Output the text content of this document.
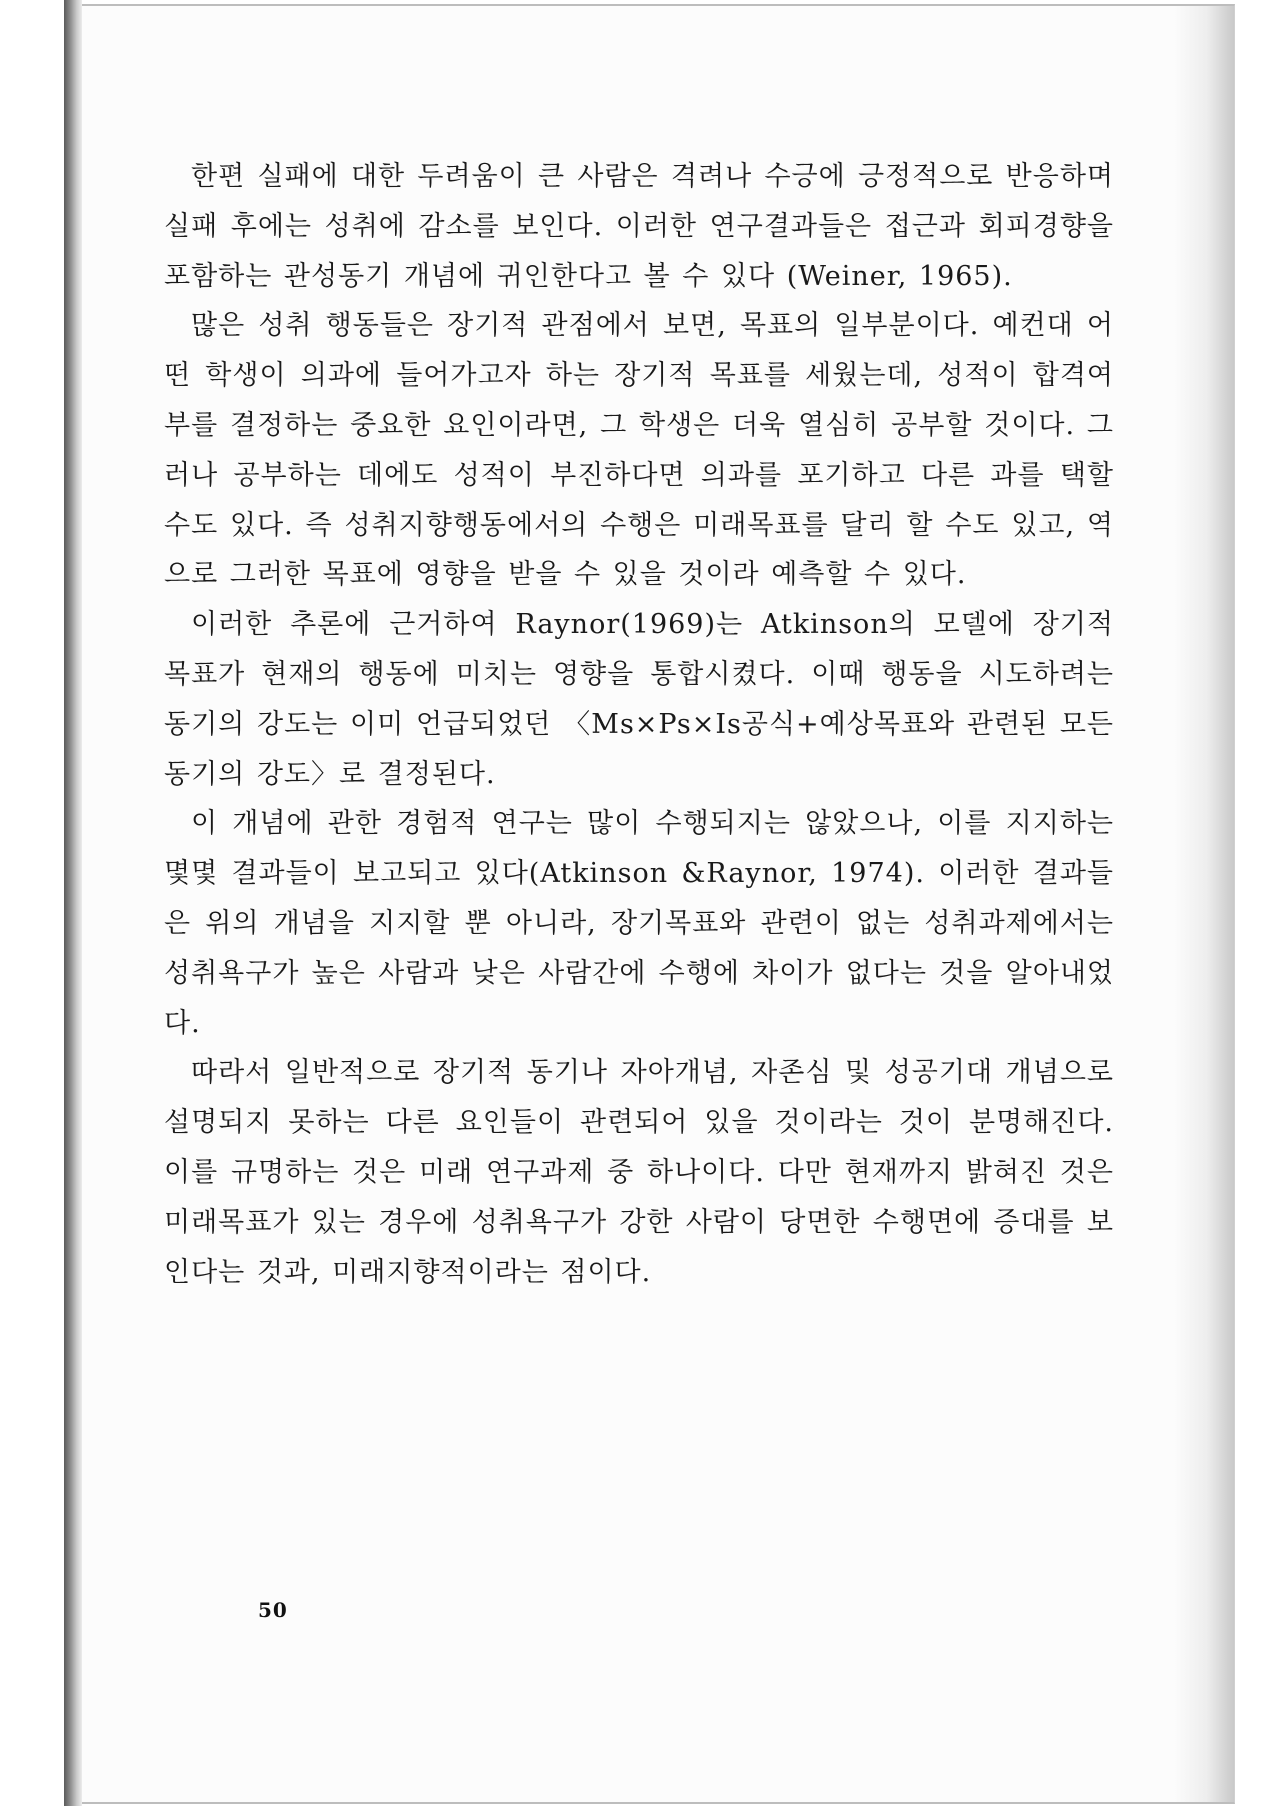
한편 실패에 대한 두려움이 큰 사람은 격려나 수긍에 긍정적으로 반응하며 실패 후에는 성취에 감소를 보인다. 이러한 연구결과들은 접근과 회피경향을 포함하는 관성동기 개념에 귀인한다고 볼 수 있다 (Weiner, 1965).

많은 성취 행동들은 장기적 관점에서 보면, 목표의 일부분이다. 예컨대 어떤 학생이 의과에 들어가고자 하는 장기적 목표를 세웠는데, 성적이 합격여부를 결정하는 중요한 요인이라면, 그 학생은 더욱 열심히 공부할 것이다. 그러나 공부하는 데에도 성적이 부진하다면 의과를 포기하고 다른 과를 택할 수도 있다. 즉 성취지향행동에서의 수행은 미래목표를 달리 할 수도 있고, 역으로 그러한 목표에 영향을 받을 수 있을 것이라 예측할 수 있다.

이러한 추론에 근거하여 Raynor(1969)는 Atkinson의 모델에 장기적 목표가 현재의 행동에 미치는 영향을 통합시켰다. 이때 행동을 시도하려는 동기의 강도는 이미 언급되었던 〈Ms×Ps×Is공식+예상목표와 관련된 모든 동기의 강도〉로 결정된다.

이 개념에 관한 경험적 연구는 많이 수행되지는 않았으나, 이를 지지하는 몇몇 결과들이 보고되고 있다(Atkinson &Raynor, 1974). 이러한 결과들은 위의 개념을 지지할 뿐 아니라, 장기목표와 관련이 없는 성취과제에서는 성취욕구가 높은 사람과 낮은 사람간에 수행에 차이가 없다는 것을 알아내었다.

따라서 일반적으로 장기적 동기나 자아개념, 자존심 및 성공기대 개념으로 설명되지 못하는 다른 요인들이 관련되어 있을 것이라는 것이 분명해진다. 이를 규명하는 것은 미래 연구과제 중 하나이다. 다만 현재까지 밝혀진 것은 미래목표가 있는 경우에 성취욕구가 강한 사람이 당면한 수행면에 증대를 보인다는 것과, 미래지향적이라는 점이다.

50
